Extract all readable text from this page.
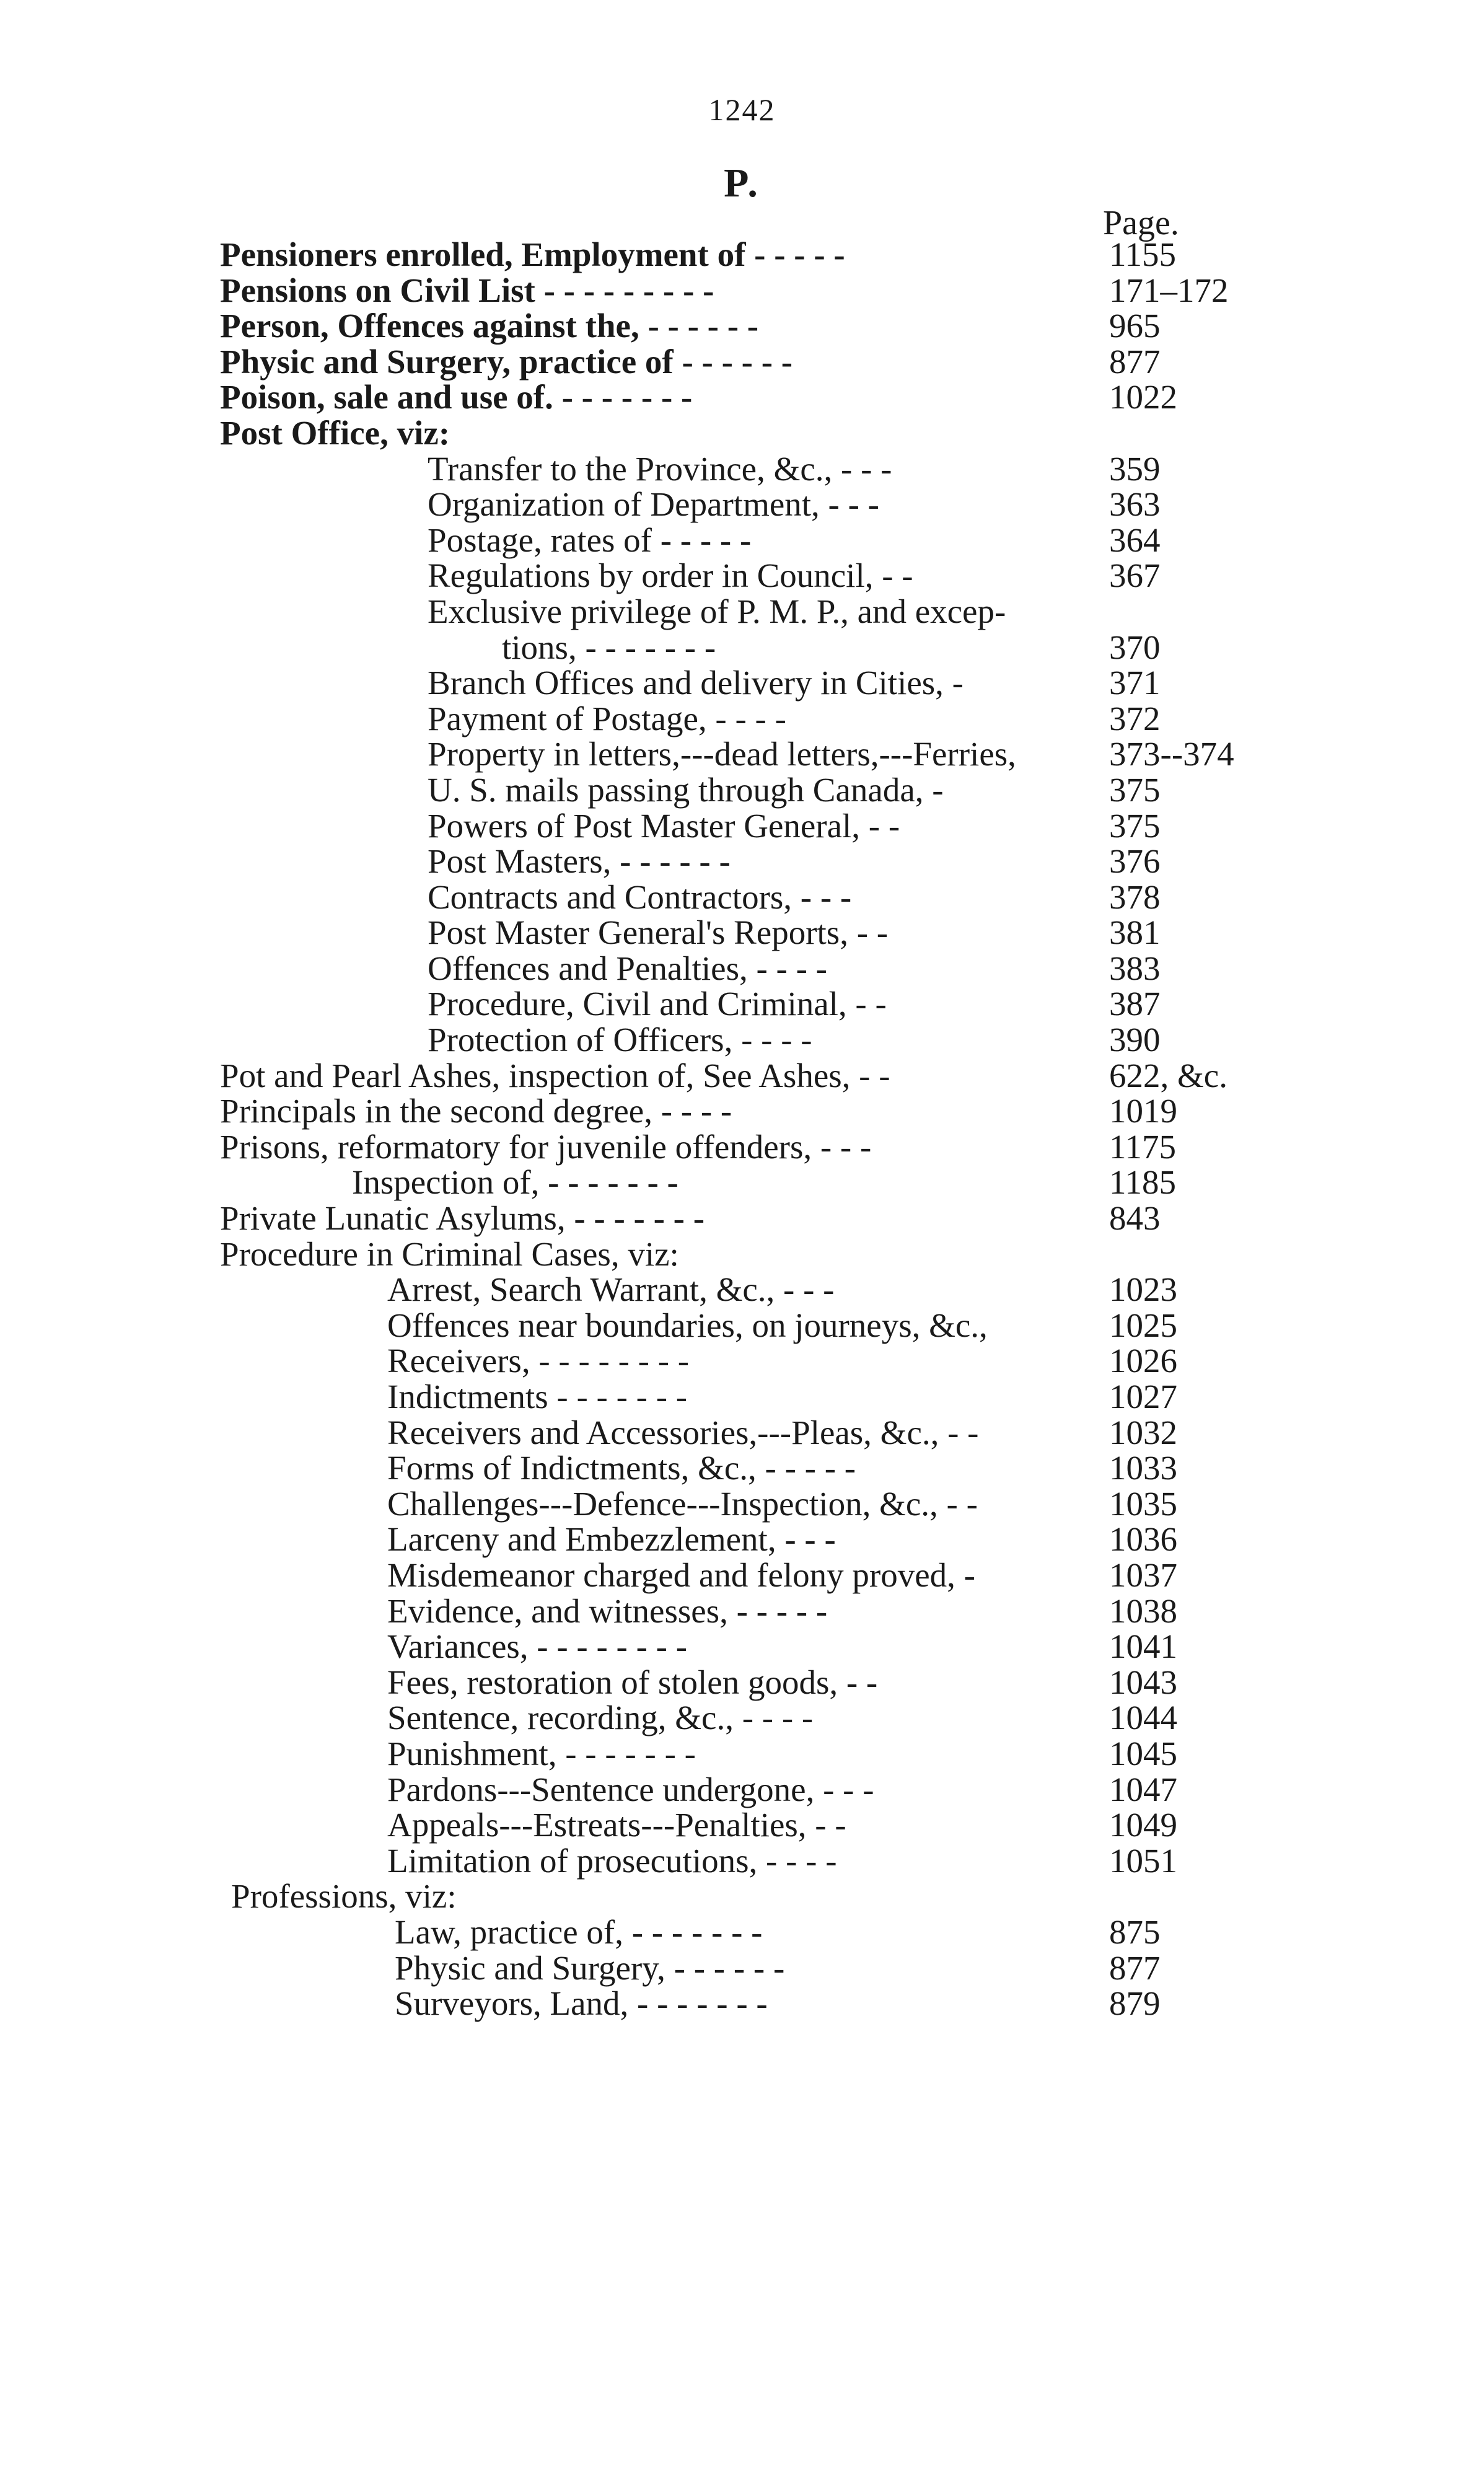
1242
P.
Page.
Pensioners enrolled, Employment of - - - - -	1155
Pensions on Civil List - - - - - - - - -	171–172
Person, Offences against the, - - - - - -	965
Physic and Surgery, practice of - - - - - -	877
Poison, sale and use of. - - - - - - -	1022
Post Office, viz:
Transfer to the Province, &c., - - -	359
Organization of Department, - - -	363
Postage, rates of - - - - -	364
Regulations by order in Council, - -	367
Exclusive privilege of P. M. P., and excep-
tions, - - - - - - -	370
Branch Offices and delivery in Cities, -	371
Payment of Postage, - - - -	372
Property in letters,---dead letters,---Ferries,	373--374
U. S. mails passing through Canada, -	375
Powers of Post Master General, - -	375
Post Masters, - - - - - -	376
Contracts and Contractors, - - -	378
Post Master General's Reports, - -	381
Offences and Penalties, - - - -	383
Procedure, Civil and Criminal, - -	387
Protection of Officers, - - - -	390
Pot and Pearl Ashes, inspection of, See Ashes, - -	622, &c.
Principals in the second degree, - - - -	1019
Prisons, reformatory for juvenile offenders, - - -	1175
Inspection of, - - - - - - -	1185
Private Lunatic Asylums, - - - - - - -	843
Procedure in Criminal Cases, viz:
Arrest, Search Warrant, &c., - - -	1023
Offences near boundaries, on journeys, &c.,	1025
Receivers, - - - - - - - -	1026
Indictments - - - - - - -	1027
Receivers and Accessories,---Pleas, &c., - -	1032
Forms of Indictments, &c., - - - - -	1033
Challenges---Defence---Inspection, &c., - -	1035
Larceny and Embezzlement, - - -	1036
Misdemeanor charged and felony proved, -	1037
Evidence, and witnesses, - - - - -	1038
Variances, - - - - - - - -	1041
Fees, restoration of stolen goods, - -	1043
Sentence, recording, &c., - - - -	1044
Punishment, - - - - - - -	1045
Pardons---Sentence undergone, - - -	1047
Appeals---Estreats---Penalties, - -	1049
Limitation of prosecutions, - - - -	1051
Professions, viz:
Law, practice of, - - - - - - -	875
Physic and Surgery, - - - - - -	877
Surveyors, Land, - - - - - - -	879
